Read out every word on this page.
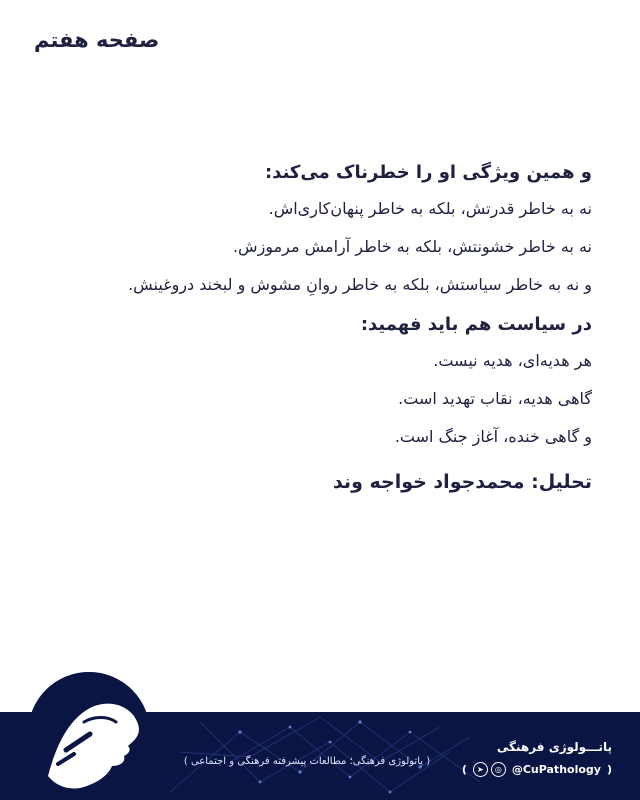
صفحه هفتم
و همین ویژگی او را خطرناک می‌کند:
نه به خاطر قدرتش، بلکه به خاطر پنهان‌کاری‌اش.
نه به خاطر خشونتش، بلکه به خاطر آرامش مرموزش.
و نه به خاطر سیاستش، بلکه به خاطر روانِ مشوش و لبخند دروغینش.
در سیاست هم باید فهمید:
هر هدیه‌ای، هدیه نیست.
گاهی هدیه، نقاب تهدید است.
و گاهی خنده، آغاز جنگ است.
تحلیل: محمدجواد خواجه وند
پاتـــولوژی فرهنگی
(	➤	◎ @CuPathology )
( پاتولوژی فرهنگی؛ مطالعات پیشرفته فرهنگی و اجتماعی )
